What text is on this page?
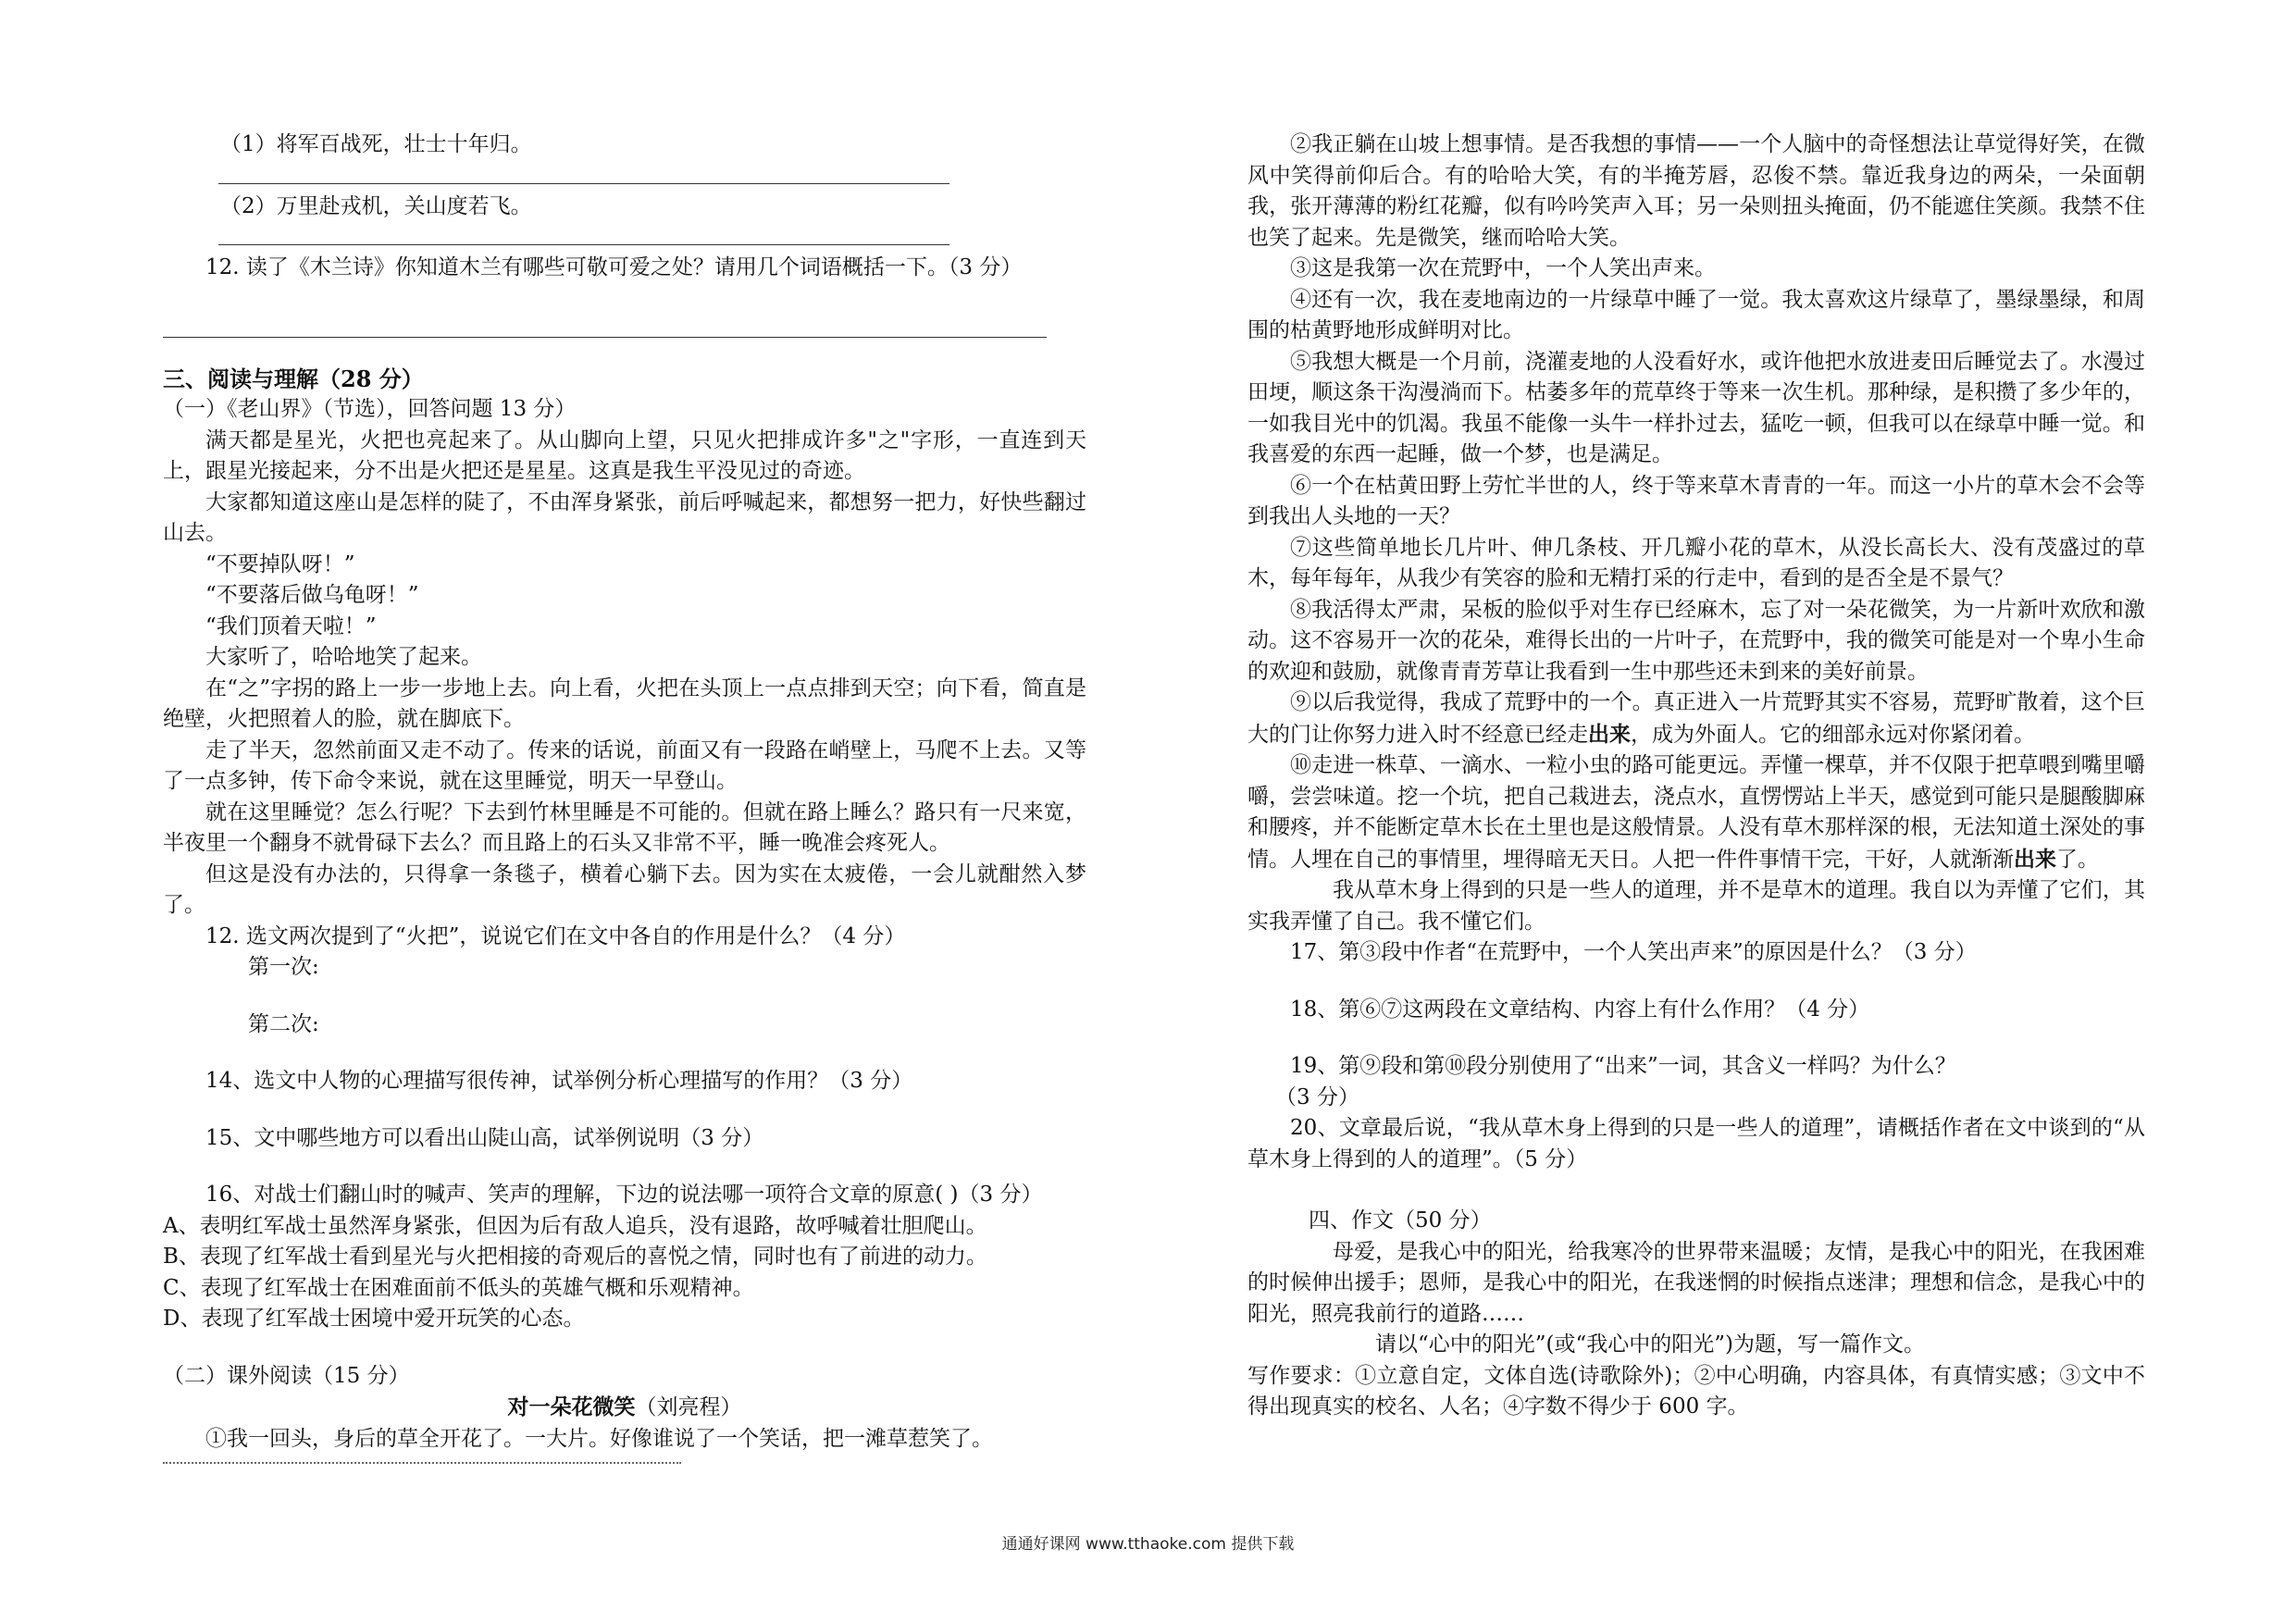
（1）将军百战死，壮士十年归。

（2）万里赴戎机，关山度若飞。

12. 读了《木兰诗》你知道木兰有哪些可敬可爱之处？请用几个词语概括一下。（3 分）

三、阅读与理解（28 分）

（一）《老山界》（节选），回答问题 13 分）

满天都是星光，火把也亮起来了。从山脚向上望，只见火把排成许多"之"字形，一直连到天上，跟星光接起来，分不出是火把还是星星。这真是我生平没见过的奇迹。

大家都知道这座山是怎样的陡了，不由浑身紧张，前后呼喊起来，都想努一把力，好快些翻过山去。

“不要掉队呀！”

“不要落后做乌龟呀！”

“我们顶着天啦！”

大家听了，哈哈地笑了起来。

在“之”字拐的路上一步一步地上去。向上看，火把在头顶上一点点排到天空；向下看，简直是绝壁，火把照着人的脸，就在脚底下。

走了半天，忽然前面又走不动了。传来的话说，前面又有一段路在峭壁上，马爬不上去。又等了一点多钟，传下命令来说，就在这里睡觉，明天一早登山。

就在这里睡觉？怎么行呢？下去到竹林里睡是不可能的。但就在路上睡么？路只有一尺来宽，半夜里一个翻身不就骨碌下去么？而且路上的石头又非常不平，睡一晚准会疼死人。

但这是没有办法的，只得拿一条毯子，横着心躺下去。因为实在太疲倦，一会儿就酣然入梦了。

12. 选文两次提到了“火把”，说说它们在文中各自的作用是什么？（4 分）

第一次:

第二次:

14、选文中人物的心理描写很传神，试举例分析心理描写的作用？（3 分）

15、文中哪些地方可以看出山陡山高，试举例说明（3 分）

16、对战士们翻山时的喊声、笑声的理解，下边的说法哪一项符合文章的原意( )（3 分）

A、表明红军战士虽然浑身紧张，但因为后有敌人追兵，没有退路，故呼喊着壮胆爬山。

B、表现了红军战士看到星光与火把相接的奇观后的喜悦之情，同时也有了前进的动力。

C、表现了红军战士在困难面前不低头的英雄气概和乐观精神。

D、表现了红军战士困境中爱开玩笑的心态。

（二）课外阅读（15 分）

对一朵花微笑（刘亮程）

①我一回头，身后的草全开花了。一大片。好像谁说了一个笑话，把一滩草惹笑了。

②我正躺在山坡上想事情。是否我想的事情——一个人脑中的奇怪想法让草觉得好笑，在微风中笑得前仰后合。有的哈哈大笑，有的半掩芳唇，忍俊不禁。靠近我身边的两朵，一朵面朝我，张开薄薄的粉红花瓣，似有吟吟笑声入耳；另一朵则扭头掩面，仍不能遮住笑颜。我禁不住也笑了起来。先是微笑，继而哈哈大笑。

③这是我第一次在荒野中，一个人笑出声来。

④还有一次，我在麦地南边的一片绿草中睡了一觉。我太喜欢这片绿草了，墨绿墨绿，和周围的枯黄野地形成鲜明对比。

⑤我想大概是一个月前，浇灌麦地的人没看好水，或许他把水放进麦田后睡觉去了。水漫过田埂，顺这条干沟漫淌而下。枯萎多年的荒草终于等来一次生机。那种绿，是积攒了多少年的，一如我目光中的饥渴。我虽不能像一头牛一样扑过去，猛吃一顿，但我可以在绿草中睡一觉。和我喜爱的东西一起睡，做一个梦，也是满足。

⑥一个在枯黄田野上劳忙半世的人，终于等来草木青青的一年。而这一小片的草木会不会等到我出人头地的一天？

⑦这些简单地长几片叶、伸几条枝、开几瓣小花的草木，从没长高长大、没有茂盛过的草木，每年每年，从我少有笑容的脸和无精打采的行走中，看到的是否全是不景气？

⑧我活得太严肃，呆板的脸似乎对生存已经麻木，忘了对一朵花微笑，为一片新叶欢欣和激动。这不容易开一次的花朵，难得长出的一片叶子，在荒野中，我的微笑可能是对一个卑小生命的欢迎和鼓励，就像青青芳草让我看到一生中那些还未到来的美好前景。

⑨以后我觉得，我成了荒野中的一个。真正进入一片荒野其实不容易，荒野旷散着，这个巨大的门让你努力进入时不经意已经走出来，成为外面人。它的细部永远对你紧闭着。

⑩走进一株草、一滴水、一粒小虫的路可能更远。弄懂一棵草，并不仅限于把草喂到嘴里嚼嚼，尝尝味道。挖一个坑，把自己栽进去，浇点水，直愣愣站上半天，感觉到可能只是腿酸脚麻和腰疼，并不能断定草木长在土里也是这般情景。人没有草木那样深的根，无法知道土深处的事情。人埋在自己的事情里，埋得暗无天日。人把一件件事情干完，干好，人就渐渐出来了。

我从草木身上得到的只是一些人的道理，并不是草木的道理。我自以为弄懂了它们，其实我弄懂了自己。我不懂它们。

17、第③段中作者“在荒野中，一个人笑出声来”的原因是什么？（3 分）

18、第⑥⑦这两段在文章结构、内容上有什么作用？（4 分）

19、第⑨段和第⑩段分别使用了“出来”一词，其含义一样吗？为什么？

（3 分）

20、文章最后说，“我从草木身上得到的只是一些人的道理”，请概括作者在文中谈到的“从草木身上得到的人的道理”。（5 分）

四、作文（50 分）

母爱，是我心中的阳光，给我寒冷的世界带来温暖；友情，是我心中的阳光，在我困难的时候伸出援手；恩师，是我心中的阳光，在我迷惘的时候指点迷津；理想和信念，是我心中的阳光，照亮我前行的道路……

请以“心中的阳光”(或“我心中的阳光”)为题，写一篇作文。

写作要求：①立意自定，文体自选(诗歌除外)；②中心明确，内容具体，有真情实感；③文中不得出现真实的校名、人名；④字数不得少于 600 字。

通通好课网 www.tthaoke.com 提供下载
